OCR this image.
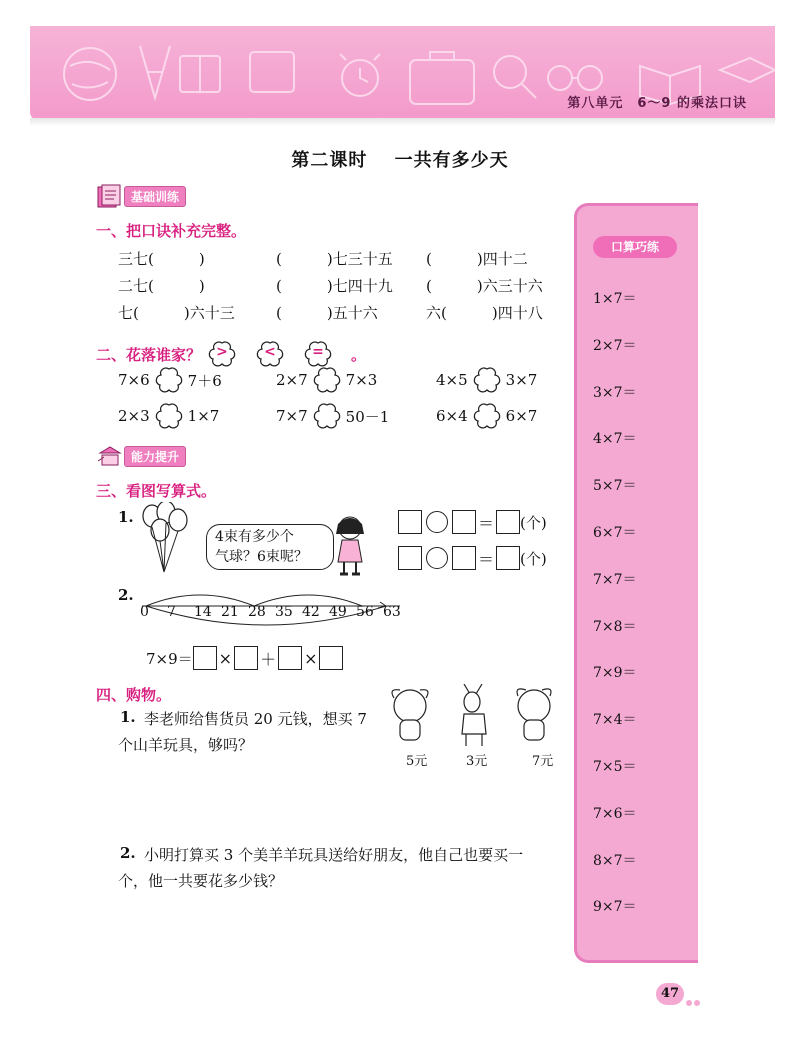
第八单元　6～9 的乘法口诀
第二课时 一共有多少天
基础训练
一、把口诀补充完整。
三七(　　　)	(　　　)七三十五 (　　　)四十二
二七(　　　)	(　　　)七四十九 (　　　)六三十六
七(　　　)六十三	(　　　)五十六	六(　　　)四十八
二、花落谁家？	>	<	=	。
7×6	7＋6	2×7	7×3	4×5	3×7
2×3	1×7	7×7	50－1	6×4	6×7
能力提升
三、看图写算式。
1.
4束有多少个
气球？6束呢？
＝ (个)
＝ (个)
2.
0 7 14 21 28 35 42 49 56 63
7×9＝ × ＋ ×
四、购物。
1. 李老师给售货员 20 元钱，想买 7
个山羊玩具，够吗？
5元	3元	7元
2. 小明打算买 3 个美羊羊玩具送给好朋友，他自己也要买一
个，他一共要花多少钱？
口算巧练
1×7＝
2×7＝
3×7＝
4×7＝
5×7＝
6×7＝
7×7＝
7×8＝
7×9＝
7×4＝
7×5＝
7×6＝
8×7＝
9×7＝
47
